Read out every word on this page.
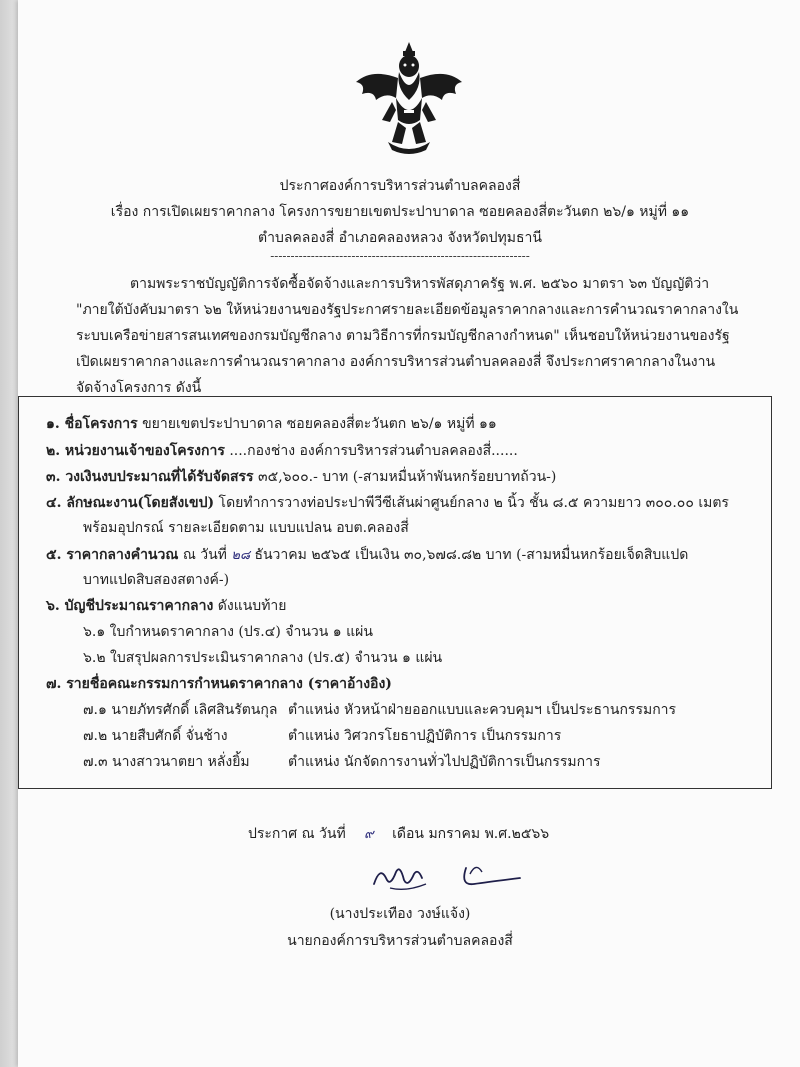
ประกาศองค์การบริหารส่วนตำบลคลองสี่
เรื่อง การเปิดเผยราคากลาง โครงการขยายเขตประปาบาดาล ซอยคลองสี่ตะวันตก ๒๖/๑ หมู่ที่ ๑๑
ตำบลคลองสี่ อำเภอคลองหลวง จังหวัดปทุมธานี
----------------------------------------------------------------
ตามพระราชบัญญัติการจัดซื้อจัดจ้างและการบริหารพัสดุภาครัฐ พ.ศ. ๒๕๖๐ มาตรา ๖๓ บัญญัติว่า
"ภายใต้บังคับมาตรา ๖๒ ให้หน่วยงานของรัฐประกาศรายละเอียดข้อมูลราคากลางและการคำนวณราคากลางใน
ระบบเครือข่ายสารสนเทศของกรมบัญชีกลาง ตามวิธีการที่กรมบัญชีกลางกำหนด" เห็นชอบให้หน่วยงานของรัฐ
เปิดเผยราคากลางและการคำนวณราคากลาง องค์การบริหารส่วนตำบลคลองสี่ จึงประกาศราคากลางในงาน
จัดจ้างโครงการ ดังนี้
๑. ชื่อโครงการ ขยายเขตประปาบาดาล ซอยคลองสี่ตะวันตก ๒๖/๑ หมู่ที่ ๑๑
๒. หน่วยงานเจ้าของโครงการ ....กองช่าง องค์การบริหารส่วนตำบลคลองสี่......
๓. วงเงินงบประมาณที่ได้รับจัดสรร ๓๕,๖๐๐.- บาท (-สามหมื่นห้าพันหกร้อยบาทถ้วน-)
๔. ลักษณะงาน(โดยสังเขป) โดยทำการวางท่อประปาพีวีซีเส้นผ่าศูนย์กลาง ๒ นิ้ว ชั้น ๘.๕ ความยาว ๓๐๐.๐๐ เมตร
พร้อมอุปกรณ์ รายละเอียดตาม แบบแปลน อบต.คลองสี่
๕. ราคากลางคำนวณ ณ วันที่ ๒๘ ธันวาคม ๒๕๖๕ เป็นเงิน ๓๐,๖๗๘.๘๒ บาท (-สามหมื่นหกร้อยเจ็ดสิบแปด
บาทแปดสิบสองสตางค์-)
๖. บัญชีประมาณราคากลาง ดังแนบท้าย
๖.๑ ใบกำหนดราคากลาง (ปร.๔) จำนวน ๑ แผ่น
๖.๒ ใบสรุปผลการประเมินราคากลาง (ปร.๕) จำนวน ๑ แผ่น
๗. รายชื่อคณะกรรมการกำหนดราคากลาง (ราคาอ้างอิง)
๗.๑ นายภัทรศักดิ์ เลิศสินรัตนกุล ตำแหน่ง หัวหน้าฝ่ายออกแบบและควบคุมฯ เป็นประธานกรรมการ
๗.๒ นายสืบศักดิ์ จั่นช้าง	ตำแหน่ง วิศวกรโยธาปฏิบัติการ เป็นกรรมการ
๗.๓ นางสาวนาตยา หลั่งยิ้ม	ตำแหน่ง นักจัดการงานทั่วไปปฏิบัติการเป็นกรรมการ
ประกาศ ณ วันที่ ๙ เดือน มกราคม พ.ศ.๒๕๖๖
(นางประเทือง วงษ์แจ้ง)
นายกองค์การบริหารส่วนตำบลคลองสี่
